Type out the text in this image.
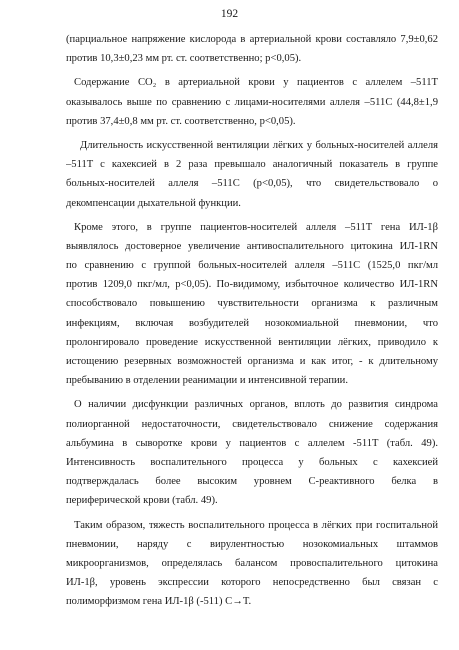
192
(парциальное напряжение кислорода в артериальной крови составляло 7,9±0,62
против 10,3±0,23 мм рт. ст. соответственно; р<0,05).
Содержание CO₂ в артериальной крови у пациентов с аллелем –511T
оказывалось выше по сравнению с лицами-носителями аллеля –511C (44,8±1,9
против 37,4±0,8 мм рт. ст. соответственно, р<0,05).
Длительность искусственной вентиляции лёгких у больных-носителей аллеля
–511T с кахексией в 2 раза превышало аналогичный показатель в группе
больных-носителей аллеля –511C (р<0,05), что свидетельствовало о
декомпенсации дыхательной функции.
Кроме этого, в группе пациентов-носителей аллеля –511T гена ИЛ-1β
выявлялось достоверное увеличение антивоспалительного цитокина ИЛ-1RN
по сравнению с группой больных-носителей аллеля –511С (1525,0 пкг/мл
против 1209,0 пкг/мл, р<0,05). По-видимому, избыточное количество ИЛ-1RN
способствовало повышению чувствительности организма к различным
инфекциям, включая возбудителей нозокомиальной пневмонии, что
пролонгировало проведение искусственной вентиляции лёгких, приводило к
истощению резервных возможностей организма и как итог, - к длительному
пребыванию в отделении реанимации и интенсивной терапии.
О наличии дисфункции различных органов, вплоть до развития синдрома
полиорганной недостаточности, свидетельствовало снижение содержания
альбумина в сыворотке крови у пациентов с аллелем -511T (табл. 49).
Интенсивность воспалительного процесса у больных с кахексией
подтверждалась более высоким уровнем С-реактивного белка в
периферической крови (табл. 49).
Таким образом, тяжесть воспалительного процесса в лёгких при госпитальной
пневмонии, наряду с вирулентностью нозокомиальных штаммов
микроорганизмов, определялась балансом провоспалительного цитокина
ИЛ-1β, уровень экспрессии которого непосредственно был связан с
полиморфизмом гена ИЛ-1β (-511) С→T.
